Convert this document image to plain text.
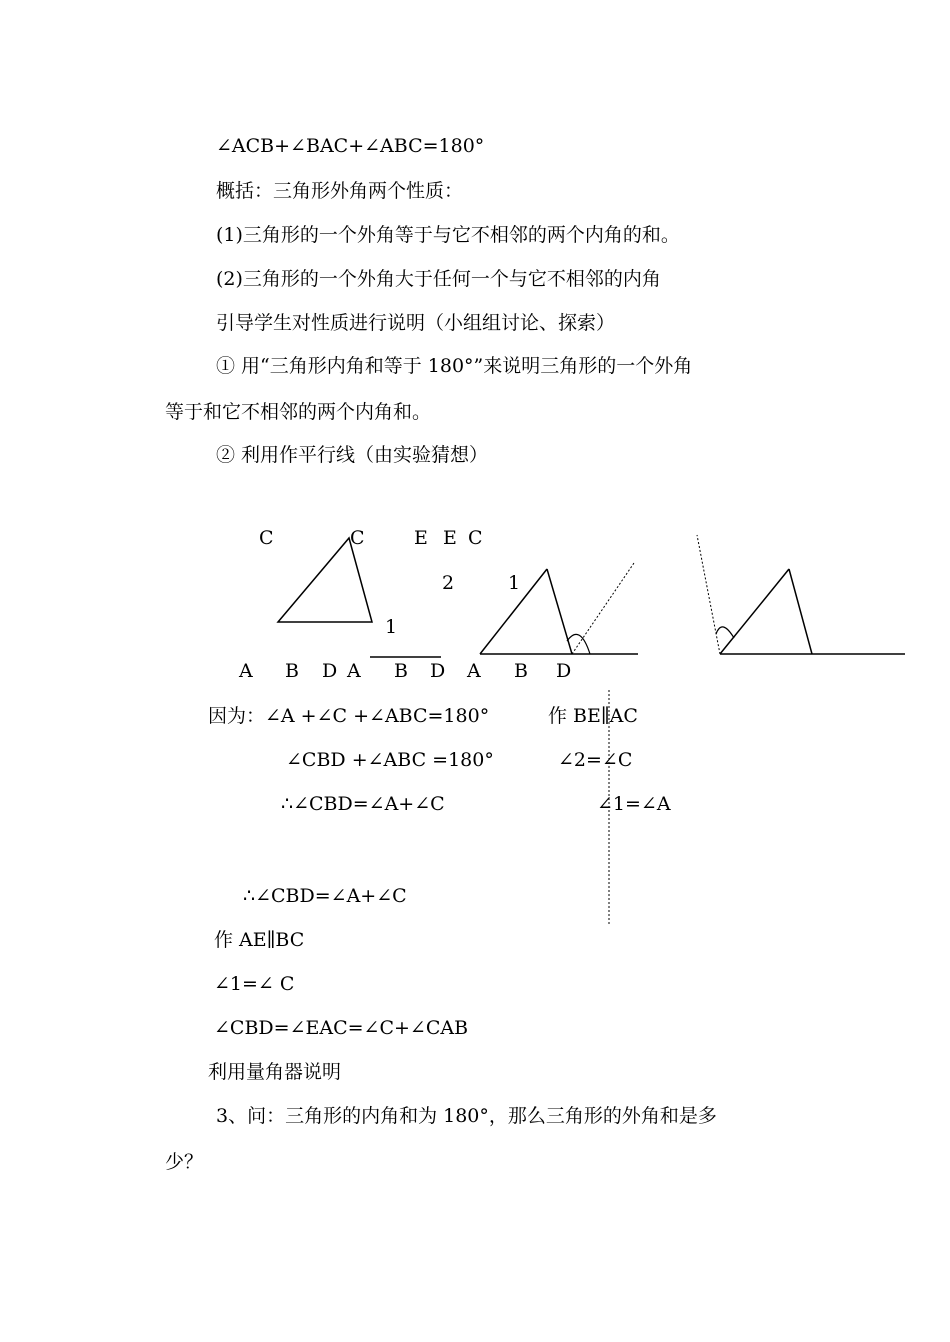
∠ACB+∠BAC+∠ABC=180°
概括：三角形外角两个性质：
(1)三角形的一个外角等于与它不相邻的两个内角的和。
(2)三角形的一个外角大于任何一个与它不相邻的内角
引导学生对性质进行说明（小组组讨论、探索）
① 用“三角形内角和等于 180°”来说明三角形的一个外角
等于和它不相邻的两个内角和。
② 利用作平行线（由实验猜想）
C	C	E E C
2	1
1
A B D A B D A B D
因为：∠A +∠C +∠ABC=180°	作 BE∥AC
∠CBD +∠ABC =180°	∠2=∠C
∴∠CBD=∠A+∠C	∠1=∠A
∴∠CBD=∠A+∠C
作 AE∥BC
∠1=∠ C
∠CBD=∠EAC=∠C+∠CAB
利用量角器说明
3、问：三角形的内角和为 180°，那么三角形的外角和是多
少？
